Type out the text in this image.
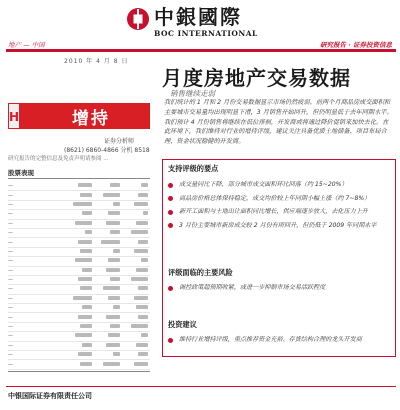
中銀國際
BOC INTERNATIONAL
地产 — 中国	研究报告 · 证券投资信息
2010 年 4 月 8 日
月度房地产交易数据
销售继续走弱
H	增持
证券分析师
(8621) 6860-4866 分机 8518
研究报告的完整信息及免责声明请参阅 ...
股票表现
—
—
—
—
—
—
—
—
—
—
—
—
—
—
—
—
—
—
—
—
我们统计的 1 月和 2 月份交易数据显示市场仍然疲弱。前两个月商品房成交面积和主要城市交易量均出现明显下滑，3 月销售开始回升，但仍明显低于去年同期水平。我们预计 4 月份销售将继续在低位徘徊，开发商或将通过降价促销来加快去化。在此环境下，我们维持对行业的增持评级，建议关注具备优质土地储备、项目布局合理、资金状况稳健的开发商。
支持评级的要点
成交量同比下降，部分城市成交面积环比回落（约 15~20%）
商品房价格总体保持稳定，成交均价较上年同期小幅上涨（约 7~8%）
新开工面积与土地出让面积同比增长，供应端逐步放大，去化压力上升
3 月份主要城市新房成交较 2 月份有所回升，但仍低于 2009 年同期水平
评级面临的主要风险
调控政策超预期收紧，或进一步抑制市场交易活跃程度
投资建议
维持行业增持评级，重点推荐资金充裕、存货结构合理的龙头开发商
中银国际证券有限责任公司
